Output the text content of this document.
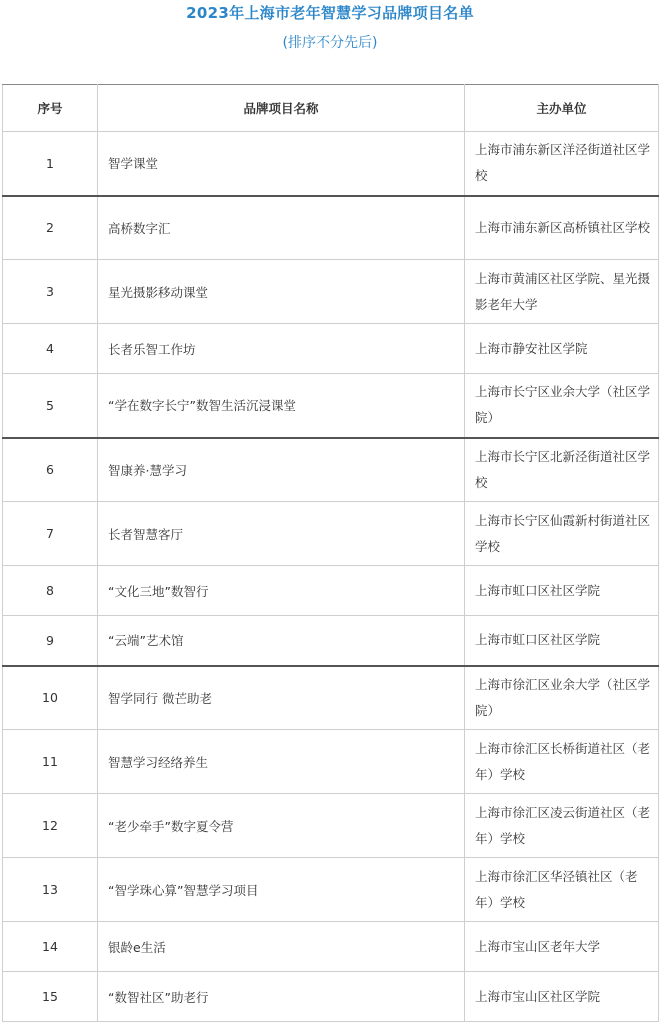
2023年上海市老年智慧学习品牌项目名单
(排序不分先后)
序号	品牌项目名称	主办单位
1	智学课堂	上海市浦东新区洋泾街道社区学校
2	高桥数字汇	上海市浦东新区高桥镇社区学校
3	星光摄影移动课堂	上海市黄浦区社区学院、星光摄影老年大学
4	长者乐智工作坊	上海市静安社区学院
5	“学在数字长宁”数智生活沉浸课堂	上海市长宁区业余大学（社区学院）
6	智康养·慧学习	上海市长宁区北新泾街道社区学校
7	长者智慧客厅	上海市长宁区仙霞新村街道社区学校
8	“文化三地”数智行	上海市虹口区社区学院
9	“云端”艺术馆	上海市虹口区社区学院
10	智学同行 微芒助老	上海市徐汇区业余大学（社区学院）
11	智慧学习经络养生	上海市徐汇区长桥街道社区（老年）学校
12	“老少牵手”数字夏令营	上海市徐汇区凌云街道社区（老年）学校
13	“智学珠心算”智慧学习项目	上海市徐汇区华泾镇社区（老年）学校
14	银龄e生活	上海市宝山区老年大学
15	“数智社区”助老行	上海市宝山区社区学院
